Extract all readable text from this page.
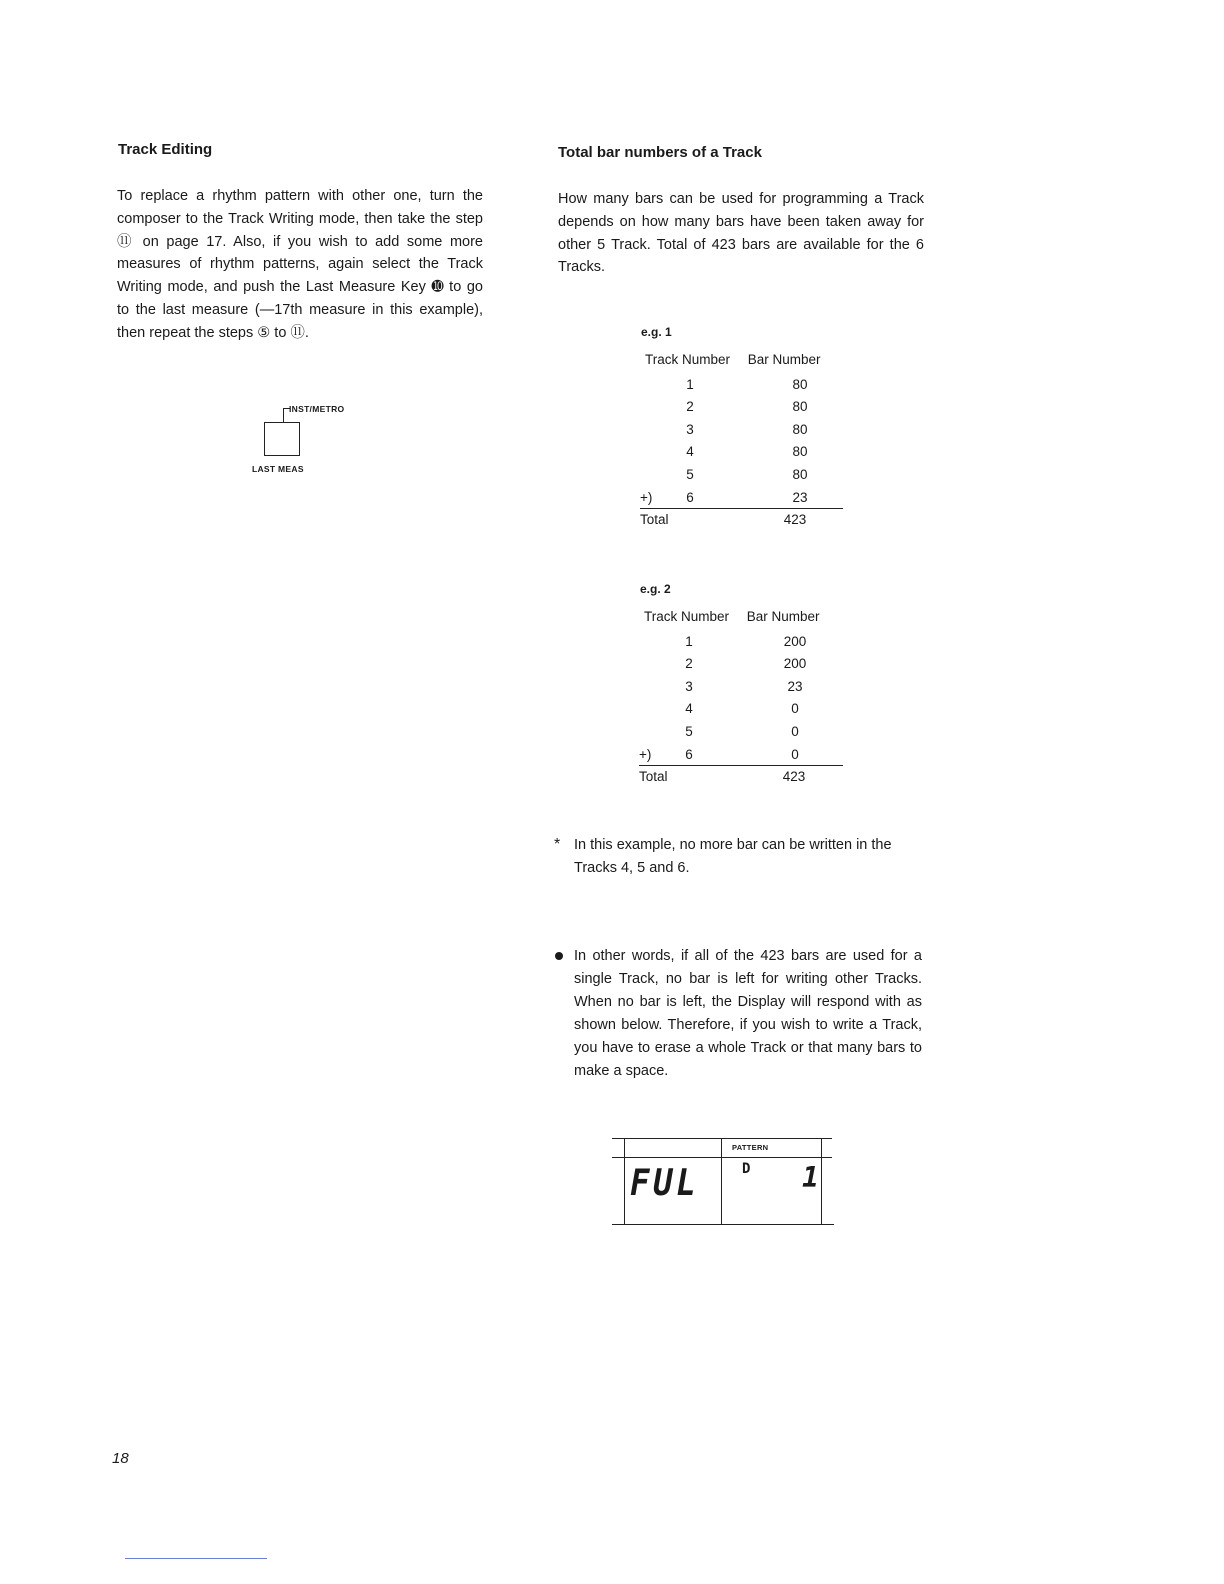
Track Editing
To replace a rhythm pattern with other one, turn the composer to the Track Writing mode, then take the step ⑪ on page 17. Also, if you wish to add some more measures of rhythm patterns, again select the Track Writing mode, and push the Last Measure Key ➓ to go to the last measure (—17th measure in this example), then repeat the steps ⑤ to ⑪.
INST/METRO
LAST MEAS
Total bar numbers of a Track
How many bars can be used for programming a Track depends on how many bars have been taken away for other 5 Track. Total of 423 bars are available for the 6 Tracks.
e.g. 1
Track Number Bar Number
1	80
2	80
3	80
4	80
5	80
+)	6	23
Total	423
e.g. 2
Track Number Bar Number
1	200
2	200
3	23
4	0
5	0
+)	6	0
Total	423
* In this example, no more bar can be written in the Tracks 4, 5 and 6.
In other words, if all of the 423 bars are used for a single Track, no bar is left for writing other Tracks. When no bar is left, the Display will respond with as shown below. Therefore, if you wish to write a Track, you have to erase a whole Track or that many bars to make a space.
PATTERN
FUL	D 1
18
